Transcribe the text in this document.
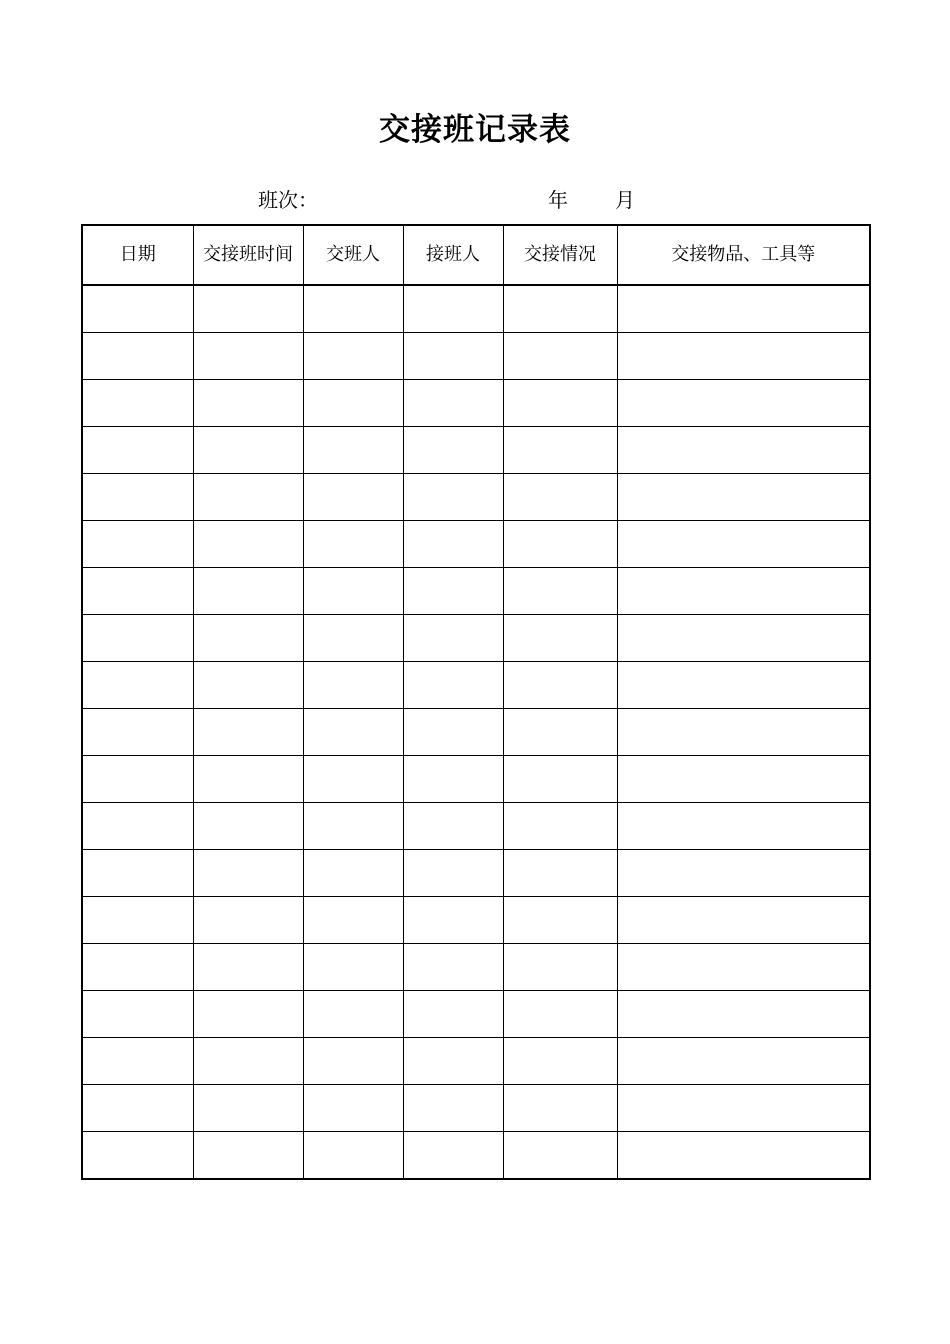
交接班记录表
班次：	年 月
日期	交接班时间	交班人	接班人	交接情况	交接物品、工具等
